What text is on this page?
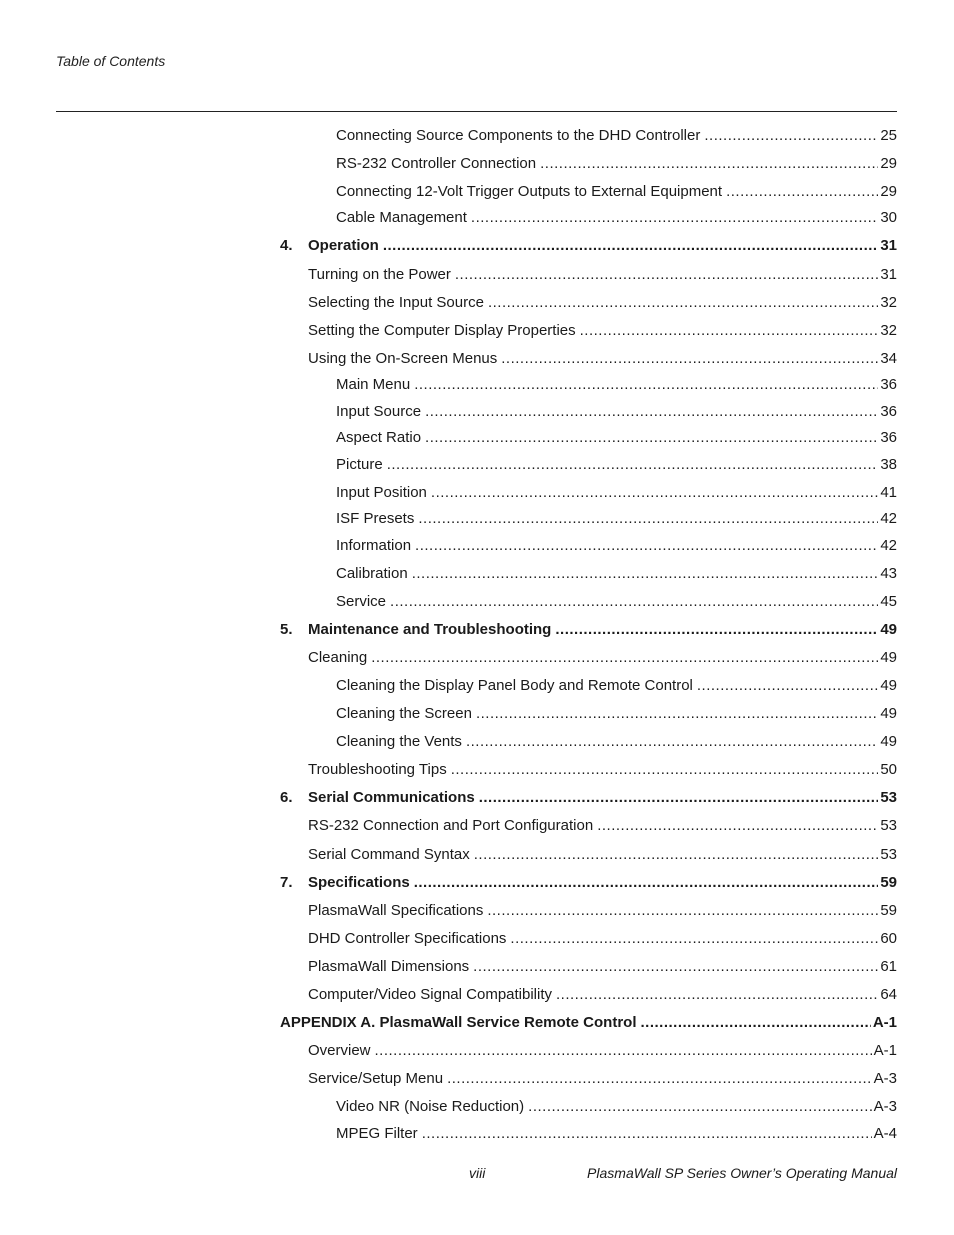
Table of Contents
Connecting Source Components to the DHD Controller .....	25
RS-232 Controller Connection .....	29
Connecting 12-Volt Trigger Outputs to External Equipment .....	29
Cable Management .....	30
4.	Operation .....	31
Turning on the Power .....	31
Selecting the Input Source .....	32
Setting the Computer Display Properties .....	32
Using the On-Screen Menus .....	34
Main Menu .....	36
Input Source .....	36
Aspect Ratio .....	36
Picture .....	38
Input Position .....	41
ISF Presets .....	42
Information .....	42
Calibration .....	43
Service .....	45
5.	Maintenance and Troubleshooting .....	49
Cleaning .....	49
Cleaning the Display Panel Body and Remote Control .....	49
Cleaning the Screen .....	49
Cleaning the Vents .....	49
Troubleshooting Tips .....	50
6.	Serial Communications .....	53
RS-232 Connection and Port Configuration .....	53
Serial Command Syntax .....	53
7.	Specifications .....	59
PlasmaWall Specifications .....	59
DHD Controller Specifications .....	60
PlasmaWall Dimensions .....	61
Computer/Video Signal Compatibility .....	64
APPENDIX A. PlasmaWall Service Remote Control .....	A-1
Overview .....	A-1
Service/Setup Menu .....	A-3
Video NR (Noise Reduction) .....	A-3
MPEG Filter .....	A-4
viii	PlasmaWall SP Series Owner’s Operating Manual
